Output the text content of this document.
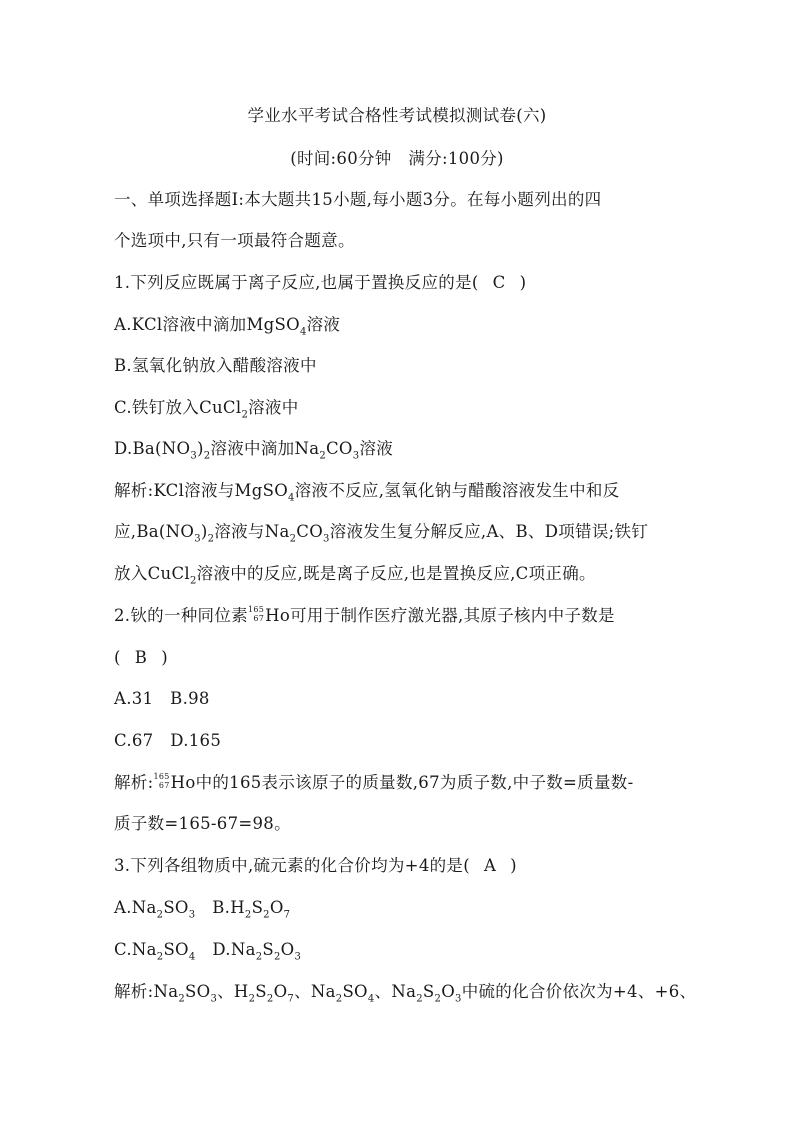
学业水平考试合格性考试模拟测试卷(六)
(时间:60分钟　满分:100分)
一、单项选择题Ⅰ:本大题共15小题,每小题3分。在每小题列出的四
个选项中,只有一项最符合题意。
1.下列反应既属于离子反应,也属于置换反应的是( C )
A.KCl溶液中滴加MgSO$_4$溶液
B.氢氧化钠放入醋酸溶液中
C.铁钉放入CuCl$_2$溶液中
$D.Ba(NO_3)_2$溶液中滴加$Na_2CO_3$溶液
解析:KCl溶液与MgSO$_4$溶液不反应,氢氧化钠与醋酸溶液发生中和反
应$,Ba(NO_3)_2$溶液与$Na_2CO_3$溶液发生复分解反应,A、B、D项错误;铁钉
放入CuCl$_2$溶液中的反应,既是离子反应,也是置换反应,C项正确。
2.钬的一种同位素 165
67 Ho可用于制作医疗激光器,其原子核内中子数是
( B )
A.31　B.98
C.67　D.165
解析: 165
67 Ho中的165表示该原子的质量数,67为质子数,中子数=质量数-
质子数=165-67=98。
3.下列各组物质中,硫元素的化合价均为+4的是( A )
$A.Na_2SO_3$　$B.H_2S_2O_7$
$C.Na_2SO_4$　$D.Na_2S_2O_3$
解析$:Na_2SO_3$、$H_2S_2O_7$、$Na_2SO_4$、$Na_2S_2O_3$中硫的化合价依次为+4、+6、
